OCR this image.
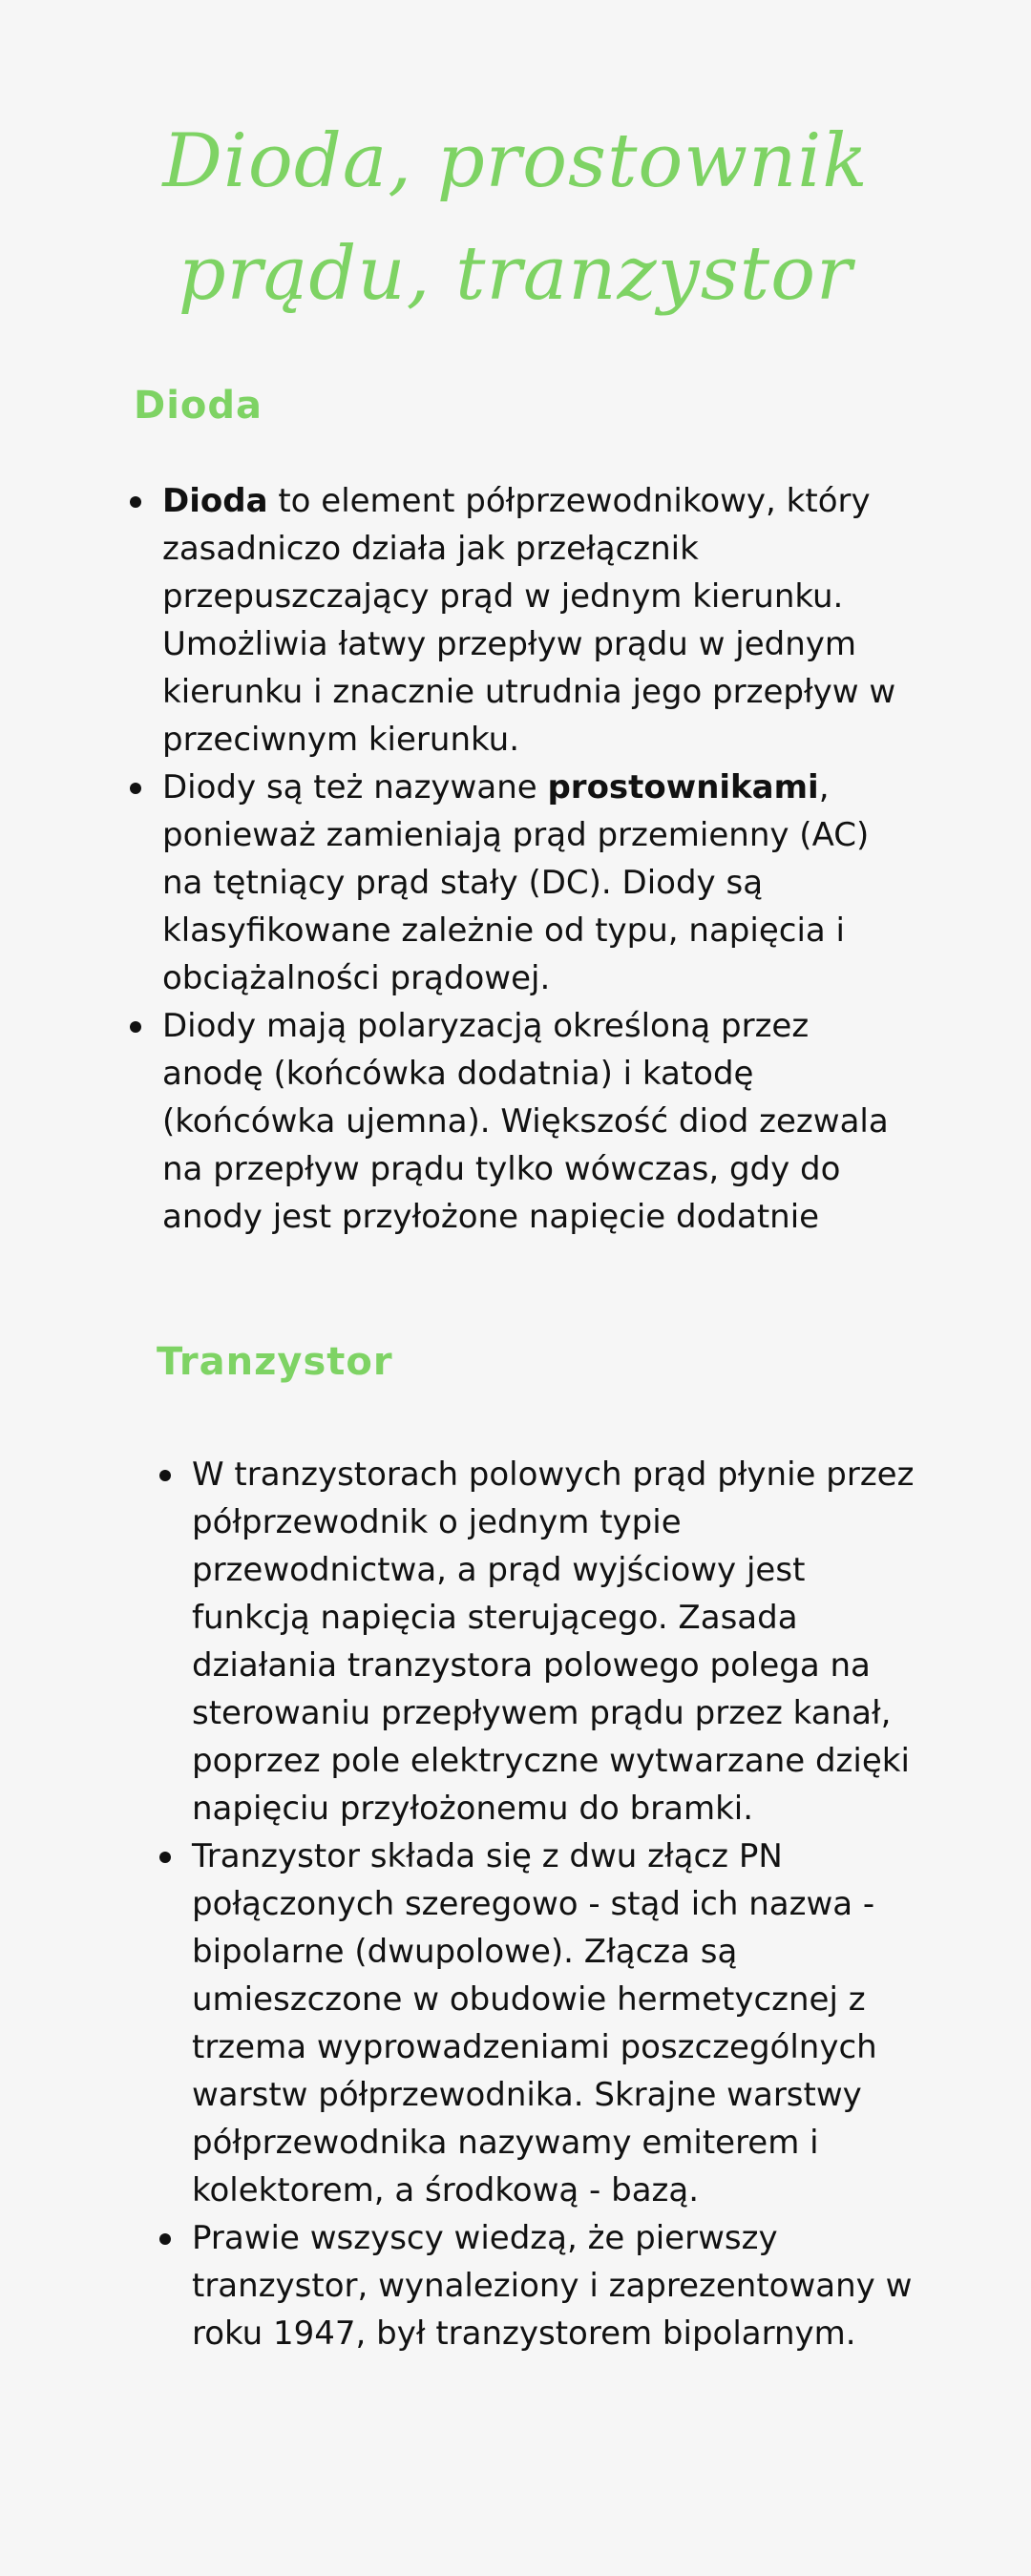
Dioda, prostownik prądu, tranzystor
Dioda
Dioda to element półprzewodnikowy, który zasadniczo działa jak przełącznik przepuszczający prąd w jednym kierunku. Umożliwia łatwy przepływ prądu w jednym kierunku i znacznie utrudnia jego przepływ w przeciwnym kierunku.
Diody są też nazywane prostownikami, ponieważ zamieniają prąd przemienny (AC) na tętniący prąd stały (DC). Diody są klasyfikowane zależnie od typu, napięcia i obciążalności prądowej.
Diody mają polaryzacją określoną przez anodę (końcówka dodatnia) i katodę (końcówka ujemna). Większość diod zezwala na przepływ prądu tylko wówczas, gdy do anody jest przyłożone napięcie dodatnie
Tranzystor
W tranzystorach polowych prąd płynie przez półprzewodnik o jednym typie przewodnictwa, a prąd wyjściowy jest funkcją napięcia sterującego. Zasada działania tranzystora polowego polega na sterowaniu przepływem prądu przez kanał, poprzez pole elektryczne wytwarzane dzięki napięciu przyłożonemu do bramki.
Tranzystor składa się z dwu złącz PN połączonych szeregowo - stąd ich nazwa - bipolarne (dwupolowe). Złącza są umieszczone w obudowie hermetycznej z trzema wyprowadzeniami poszczególnych warstw półprzewodnika. Skrajne warstwy półprzewodnika nazywamy emiterem i kolektorem, a środkową - bazą.
Prawie wszyscy wiedzą, że pierwszy tranzystor, wynaleziony i zaprezentowany w roku 1947, był tranzystorem bipolarnym.
